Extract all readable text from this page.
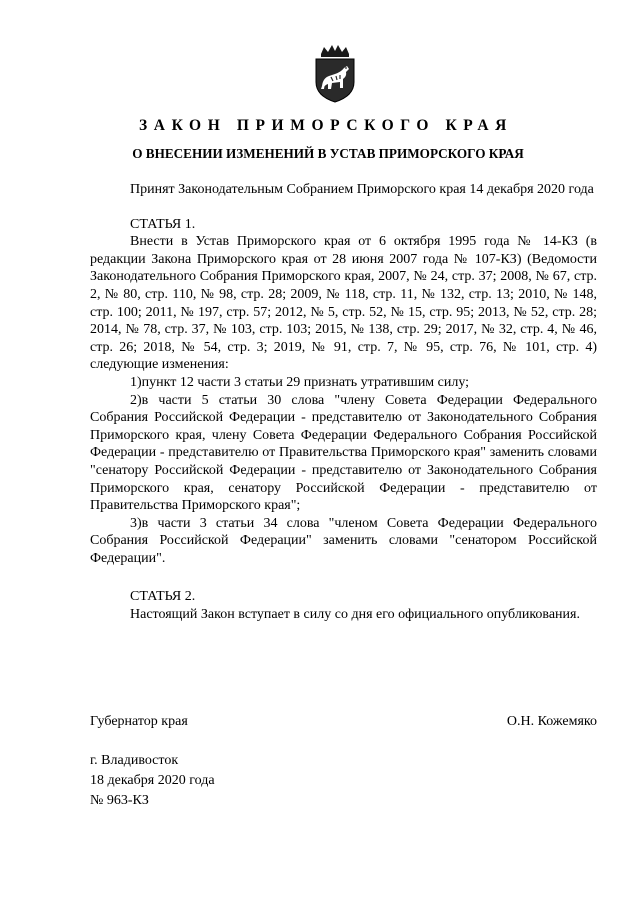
ЗАКОН ПРИМОРСКОГО КРАЯ
О ВНЕСЕНИИ ИЗМЕНЕНИЙ В УСТАВ ПРИМОРСКОГО КРАЯ

Принят Законодательным Собранием Приморского края 14 декабря 2020 года

СТАТЬЯ 1.

Внести в Устав Приморского края от 6 октября 1995 года № 14-КЗ (в редакции Закона Приморского края от 28 июня 2007 года № 107-КЗ) (Ведомости Законодательного Собрания Приморского края, 2007, № 24, стр. 37; 2008, № 67, стр. 2, № 80, стр. 110, № 98, стр. 28; 2009, № 118, стр. 11, № 132, стр. 13; 2010, № 148, стр. 100; 2011, № 197, стр. 57; 2012, № 5, стр. 52, № 15, стр. 95; 2013, № 52, стр. 28; 2014, № 78, стр. 37, № 103, стр. 103; 2015, № 138, стр. 29; 2017, № 32, стр. 4, № 46, стр. 26; 2018, № 54, стр. 3; 2019, № 91, стр. 7, № 95, стр. 76, № 101, стр. 4) следующие изменения:

1)пункт 12 части 3 статьи 29 признать утратившим силу;

2)в части 5 статьи 30 слова "члену Совета Федерации Федерального Собрания Российской Федерации - представителю от Законодательного Собрания Приморского края, члену Совета Федерации Федерального Собрания Российской Федерации - представителю от Правительства Приморского края" заменить словами "сенатору Российской Федерации - представителю от Законодательного Собрания Приморского края, сенатору Российской Федерации - представителю от Правительства Приморского края";

3)в части 3 статьи 34 слова "членом Совета Федерации Федерального Собрания Российской Федерации" заменить словами "сенатором Российской Федерации".

СТАТЬЯ 2.

Настоящий Закон вступает в силу со дня его официального опубликования.

Губернатор края	О.Н. Кожемяко
г. Владивосток
18 декабря 2020 года
№ 963-КЗ
